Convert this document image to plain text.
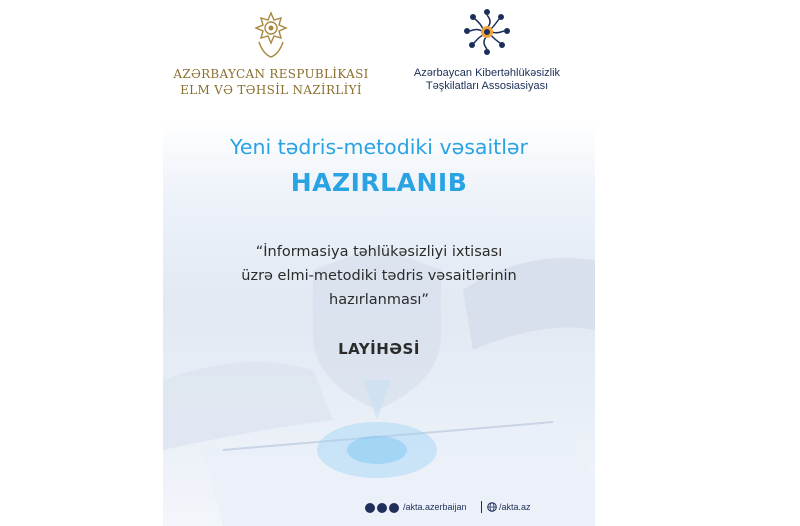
AZƏRBAYCAN RESPUBLİKASI
ELM VƏ TƏHSİL NAZİRLİYİ
Azərbaycan Kibertəhlükəsizlik
Təşkilatları Assosiasiyası
Yeni tədris-metodiki vəsaitlər
HAZIRLANIB
“İnformasiya təhlükəsizliyi ixtisası
üzrə elmi-metodiki tədris vəsaitlərinin
hazırlanması”
LAYİHƏSİ
/akta.azerbaijan	/akta.az
